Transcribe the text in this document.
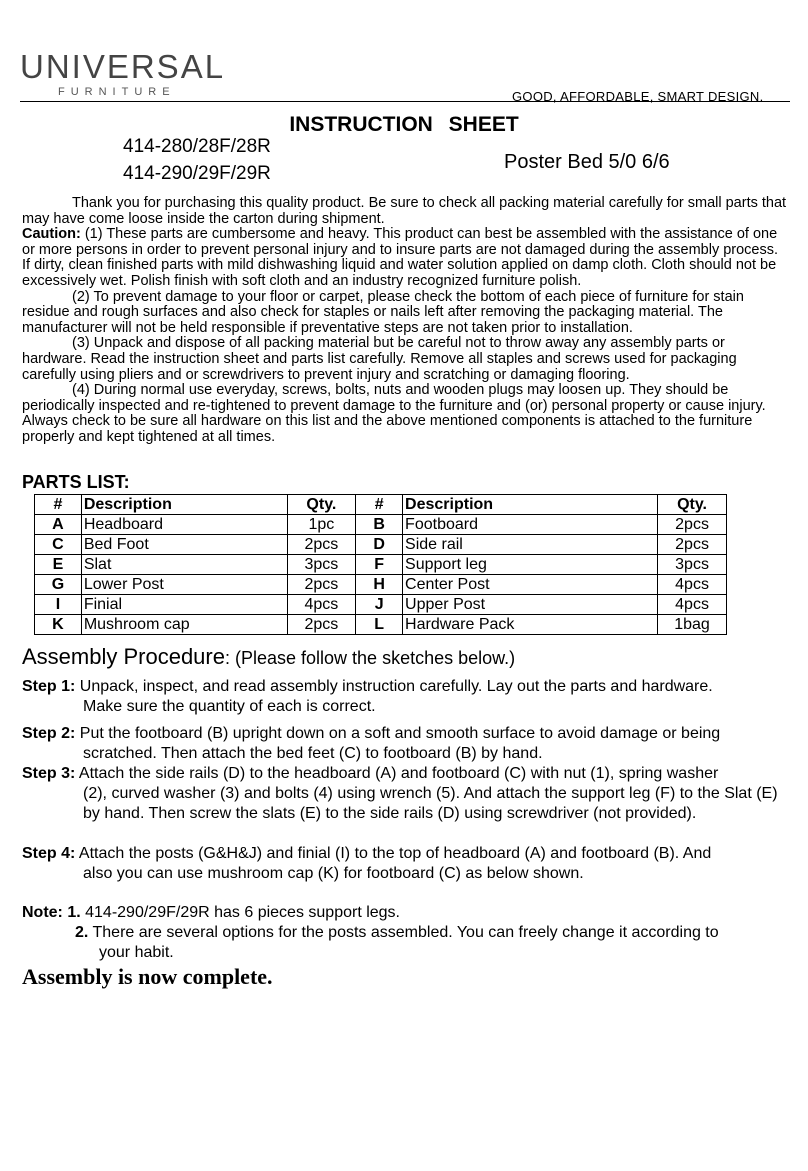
UNIVERSAL
FURNITURE	GOOD, AFFORDABLE, SMART DESIGN.
INSTRUCTION SHEET
414-280/28F/28R
414-290/29F/29R
Poster Bed 5/0 6/6

Thank you for purchasing this quality product. Be sure to check all packing material carefully for small parts that may have come loose inside the carton during shipment.

Caution: (1) These parts are cumbersome and heavy. This product can best be assembled with the assistance of one or more persons in order to prevent personal injury and to insure parts are not damaged during the assembly process. If dirty, clean finished parts with mild dishwashing liquid and water solution applied on damp cloth. Cloth should not be excessively wet. Polish finish with soft cloth and an industry recognized furniture polish.

(2) To prevent damage to your floor or carpet, please check the bottom of each piece of furniture for stain residue and rough surfaces and also check for staples or nails left after removing the packaging material. The manufacturer will not be held responsible if preventative steps are not taken prior to installation.

(3) Unpack and dispose of all packing material but be careful not to throw away any assembly parts or hardware. Read the instruction sheet and parts list carefully. Remove all staples and screws used for packaging carefully using pliers and or screwdrivers to prevent injury and scratching or damaging flooring.

(4) During normal use everyday, screws, bolts, nuts and wooden plugs may loosen up. They should be periodically inspected and re-tightened to prevent damage to the furniture and (or) personal property or cause injury. Always check to be sure all hardware on this list and the above mentioned components is attached to the furniture properly and kept tightened at all times.

PARTS LIST:
#	Description	Qty.	#	Description	Qty.
A	Headboard	1pc	B	Footboard	2pcs
C	Bed Foot	2pcs	D	Side rail	2pcs
E	Slat	3pcs	F	Support leg	3pcs
G	Lower Post	2pcs	H	Center Post	4pcs
I	Finial	4pcs	J	Upper Post	4pcs
K	Mushroom cap	2pcs	L	Hardware Pack	1bag
Assembly Procedure: (Please follow the sketches below.)
Step 1: Unpack, inspect, and read assembly instruction carefully. Lay out the parts and hardware.
Make sure the quantity of each is correct.
Step 2: Put the footboard (B) upright down on a soft and smooth surface to avoid damage or being
scratched. Then attach the bed feet (C) to footboard (B) by hand.
Step 3: Attach the side rails (D) to the headboard (A) and footboard (C) with nut (1), spring washer
(2), curved washer (3) and bolts (4) using wrench (5). And attach the support leg (F) to the Slat (E) by hand. Then screw the slats (E) to the side rails (D) using screwdriver (not provided).
Step 4: Attach the posts (G&H&J) and finial (I) to the top of headboard (A) and footboard (B). And
also you can use mushroom cap (K) for footboard (C) as below shown.
Note: 1. 414-290/29F/29R has 6 pieces support legs.
2. There are several options for the posts assembled. You can freely change it according to
your habit.
Assembly is now complete.
